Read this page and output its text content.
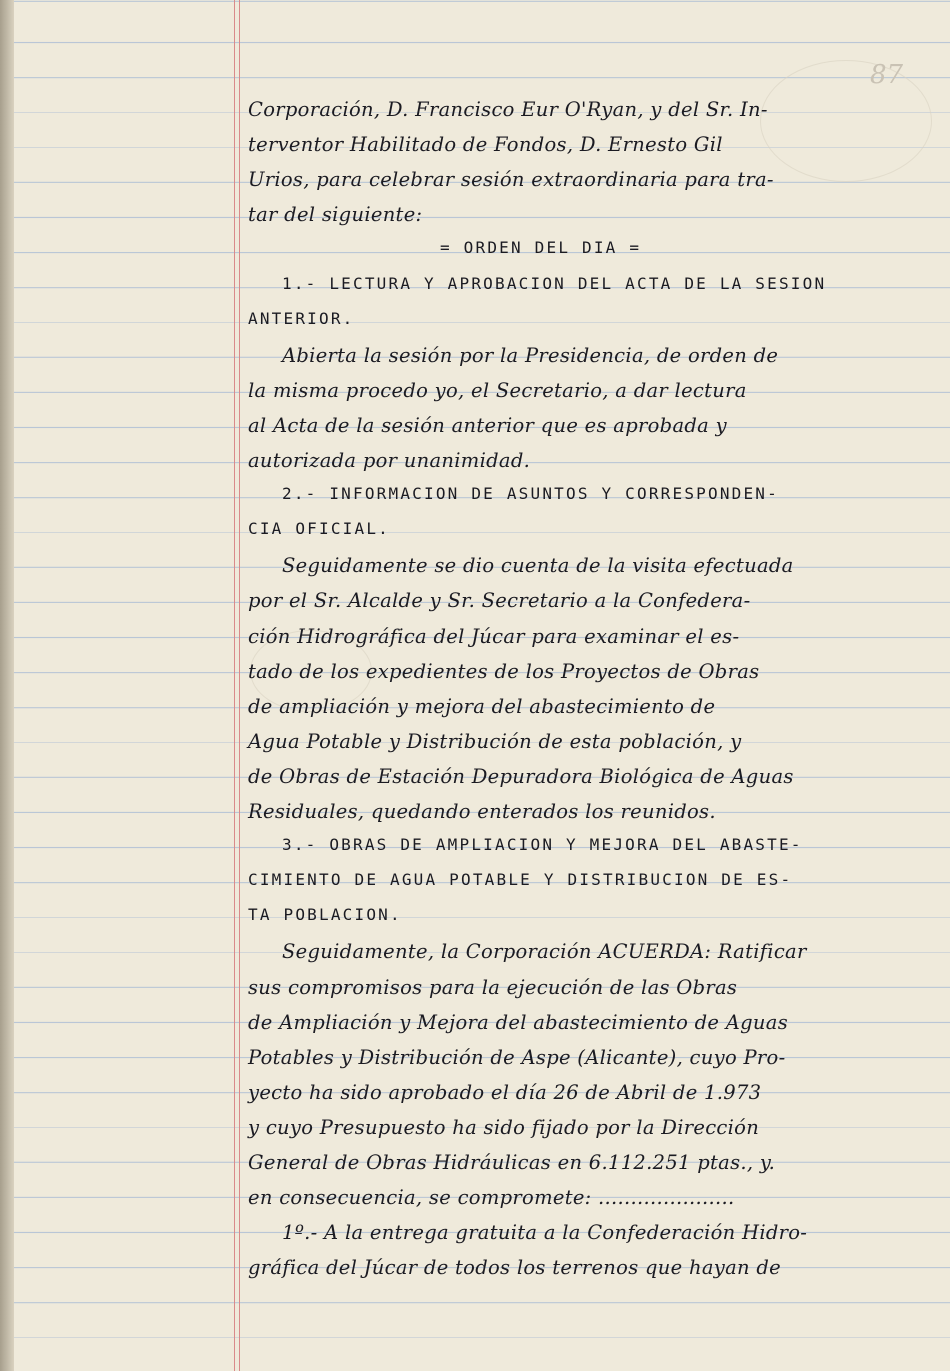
87
Corporación, D. Francisco Eur O'Ryan, y del Sr. In-
terventor Habilitado de Fondos, D. Ernesto Gil
Urios, para celebrar sesión extraordinaria para tra-
tar del siguiente:
= ORDEN DEL DIA =
1.- LECTURA Y APROBACION DEL ACTA DE LA SESION
ANTERIOR.
Abierta la sesión por la Presidencia, de orden de
la misma procedo yo, el Secretario, a dar lectura
al Acta de la sesión anterior que es aprobada y
autorizada por unanimidad.
2.- INFORMACION DE ASUNTOS Y CORRESPONDEN-
CIA OFICIAL.
Seguidamente se dio cuenta de la visita efectuada
por el Sr. Alcalde y Sr. Secretario a la Confedera-
ción Hidrográfica del Júcar para examinar el es-
tado de los expedientes de los Proyectos de Obras
de ampliación y mejora del abastecimiento de
Agua Potable y Distribución de esta población, y
de Obras de Estación Depuradora Biológica de Aguas
Residuales, quedando enterados los reunidos.
3.- OBRAS DE AMPLIACION Y MEJORA DEL ABASTE-
CIMIENTO DE AGUA POTABLE Y DISTRIBUCION DE ES-
TA POBLACION.
Seguidamente, la Corporación ACUERDA: Ratificar
sus compromisos para la ejecución de las Obras
de Ampliación y Mejora del abastecimiento de Aguas
Potables y Distribución de Aspe (Alicante), cuyo Pro-
yecto ha sido aprobado el día 26 de Abril de 1.973
y cuyo Presupuesto ha sido fijado por la Dirección
General de Obras Hidráulicas en 6.112.251 ptas., y.
en consecuencia, se compromete: .....................
1º.- A la entrega gratuita a la Confederación Hidro-
gráfica del Júcar de todos los terrenos que hayan de
